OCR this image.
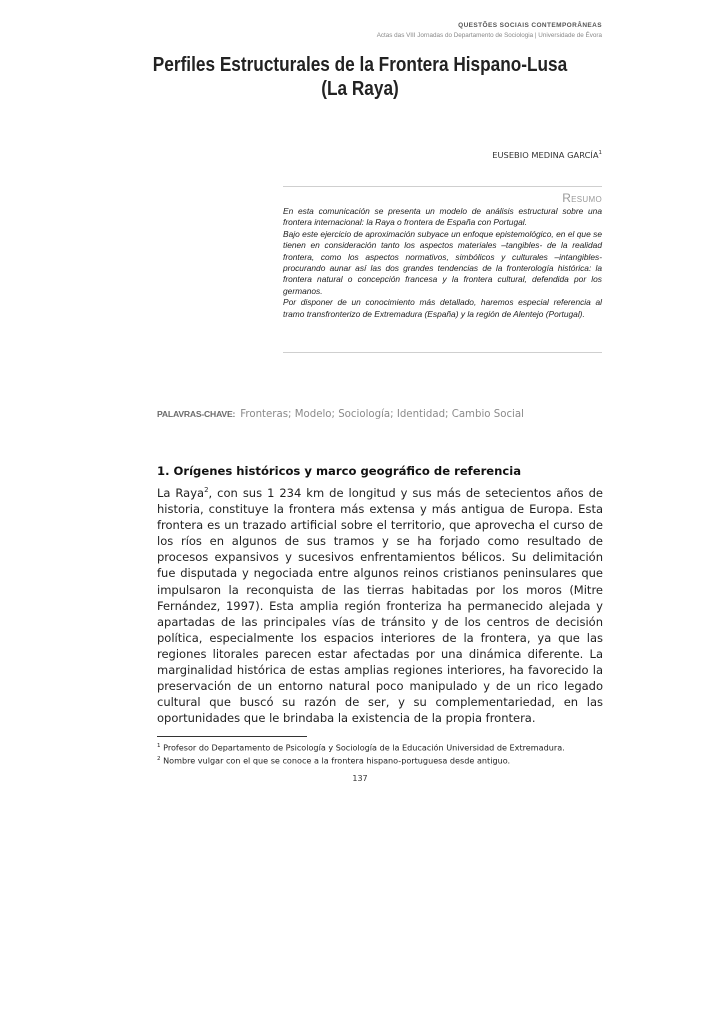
QUESTÕES SOCIAIS CONTEMPORÂNEAS
Actas das VIII Jornadas do Departamento de Sociologia | Universidade de Évora
Perfiles Estructurales de la Frontera Hispano-Lusa
(La Raya)
EUSEBIO MEDINA GARCÍA$^1$
Resumo

En esta comunicación se presenta un modelo de análisis estructural sobre una frontera internacional: la Raya o frontera de España con Portugal.

Bajo este ejercicio de aproximación subyace un enfoque epistemológico, en el que se tienen en consideración tanto los aspectos materiales –tangibles- de la realidad frontera, como los aspectos normativos, simbólicos y culturales –intangibles- procurando aunar así las dos grandes tendencias de la fronterología histórica: la frontera natural o concepción francesa y la frontera cultural, defendida por los germanos.

Por disponer de un conocimiento más detallado, haremos especial referencia al tramo transfronterizo de Extremadura (España) y la región de Alentejo (Portugal).

PALAVRAS-CHAVE: Fronteras; Modelo; Sociología; Identidad; Cambio Social
1. Orígenes históricos y marco geográfico de referencia

La Raya$^2$, con sus 1 234 km de longitud y sus más de setecientos años de historia, constituye la frontera más extensa y más antigua de Europa. Esta frontera es un trazado artificial sobre el territorio, que aprovecha el curso de los ríos en algunos de sus tramos y se ha forjado como resultado de procesos expansivos y sucesivos enfrentamientos bélicos. Su delimitación fue disputada y negociada entre algunos reinos cristianos peninsulares que impulsaron la reconquista de las tierras habitadas por los moros (Mitre Fernández, 1997). Esta amplia región fronteriza ha permanecido alejada y apartadas de las principales vías de tránsito y de los centros de decisión política, especialmente los espacios interiores de la frontera, ya que las regiones litorales parecen estar afectadas por una dinámica diferente. La marginalidad histórica de estas amplias regiones interiores, ha favorecido la preservación de un entorno natural poco manipulado y de un rico legado cultural que buscó su razón de ser, y su complementariedad, en las oportunidades que le brindaba la existencia de la propia frontera.

$^1$ Profesor do Departamento de Psicología y Sociología de la Educación Universidad de Extremadura.
$^2$ Nombre vulgar con el que se conoce a la frontera hispano-portuguesa desde antiguo.
137
